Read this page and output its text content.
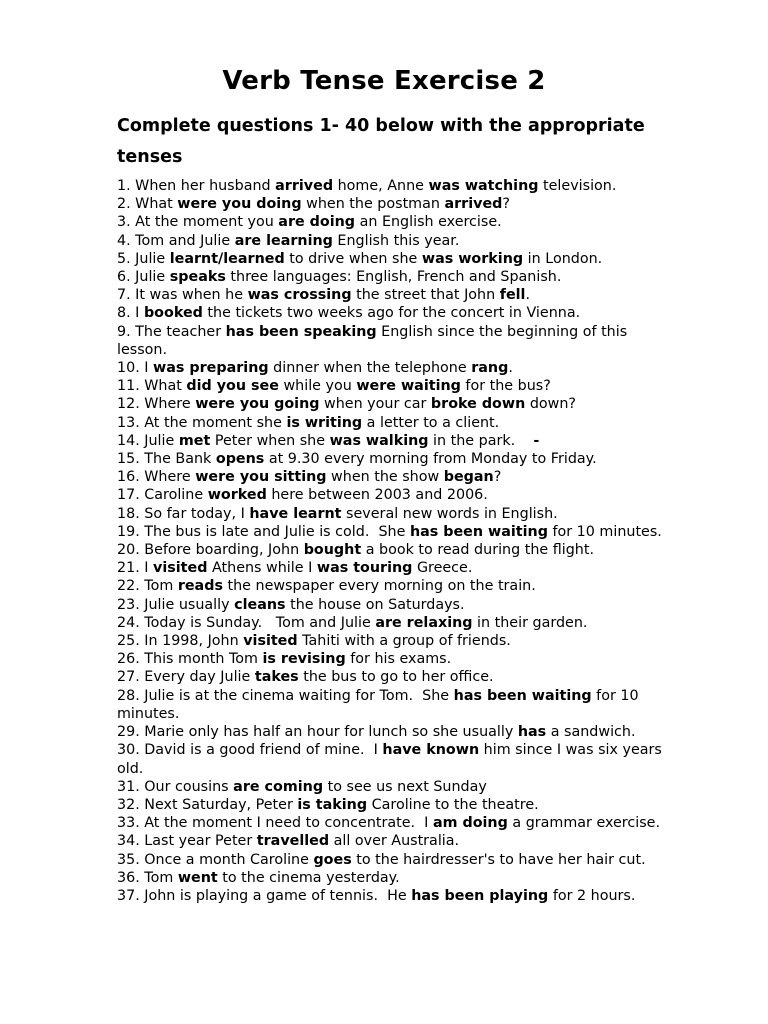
Verb Tense Exercise 2

Complete questions 1- 40 below with the appropriate tenses

1. When her husband arrived home, Anne was watching television.
2. What were you doing when the postman arrived?
3. At the moment you are doing an English exercise.
4. Tom and Julie are learning English this year.
5. Julie learnt/learned to drive when she was working in London.
6. Julie speaks three languages: English, French and Spanish.
7. It was when he was crossing the street that John fell.
8. I booked the tickets two weeks ago for the concert in Vienna.
9. The teacher has been speaking English since the beginning of this lesson.
10. I was preparing dinner when the telephone rang.
11. What did you see while you were waiting for the bus?
12. Where were you going when your car broke down down?
13. At the moment she is writing a letter to a client.
14. Julie met Peter when she was walking in the park.    -
15. The Bank opens at 9.30 every morning from Monday to Friday.
16. Where were you sitting when the show began?
17. Caroline worked here between 2003 and 2006.
18. So far today, I have learnt several new words in English.
19. The bus is late and Julie is cold.  She has been waiting for 10 minutes.
20. Before boarding, John bought a book to read during the flight.
21. I visited Athens while I was touring Greece.
22. Tom reads the newspaper every morning on the train.
23. Julie usually cleans the house on Saturdays.
24. Today is Sunday.   Tom and Julie are relaxing in their garden.
25. In 1998, John visited Tahiti with a group of friends.
26. This month Tom is revising for his exams.
27. Every day Julie takes the bus to go to her office.
28. Julie is at the cinema waiting for Tom.  She has been waiting for 10 minutes.
29. Marie only has half an hour for lunch so she usually has a sandwich.
30. David is a good friend of mine.  I have known him since I was six years old.
31. Our cousins are coming to see us next Sunday
32. Next Saturday, Peter is taking Caroline to the theatre.
33. At the moment I need to concentrate.  I am doing a grammar exercise.
34. Last year Peter travelled all over Australia.
35. Once a month Caroline goes to the hairdresser's to have her hair cut.
36. Tom went to the cinema yesterday.
37. John is playing a game of tennis.  He has been playing for 2 hours.
